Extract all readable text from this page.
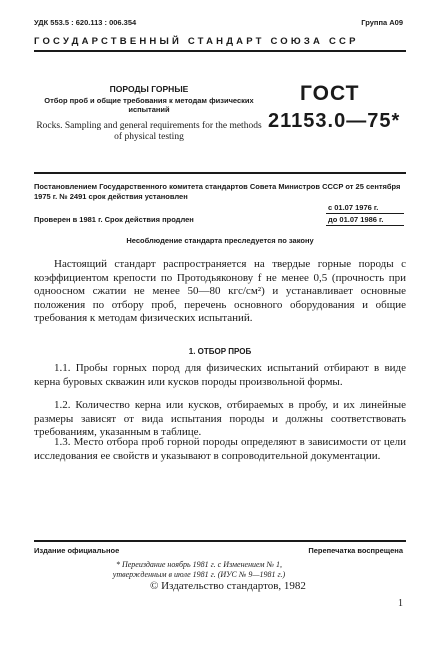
УДК 553.5 : 620.113 : 006.354	Группа А09
ГОСУДАРСТВЕННЫЙ СТАНДАРТ СОЮЗА ССР
ПОРОДЫ ГОРНЫЕ
Отбор проб и общие требования к методам физических испытаний
Rocks. Sampling and general requirements for the methods of physical testing
ГОСТ
21153.0—75*
Постановлением Государственного комитета стандартов Совета Министров СССР от 25 сентября 1975 г. № 2491 срок действия установлен
с 01.07 1976 г.
Проверен в 1981 г. Срок действия продлен	до 01.07 1986 г.
Несоблюдение стандарта преследуется по закону

Настоящий стандарт распространяется на твердые горные породы с коэффициентом крепости по Протодьяконову f не менее 0,5 (прочность при одноосном сжатии не менее 50—80 кгс/см²) и устанавливает основные положения по отбору проб, перечень основного оборудования и общие требования к методам физических испытаний.

1. ОТБОР ПРОБ

1.1. Пробы горных пород для физических испытаний отбирают в виде керна буровых скважин или кусков породы произвольной формы.

1.2. Количество керна или кусков, отбираемых в пробу, и их линейные размеры зависят от вида испытания породы и должны соответствовать требованиям, указанным в таблице.

1.3. Место отбора проб горной породы определяют в зависимости от цели исследования ее свойств и указывают в сопроводительной документации.

Издание официальное	Перепечатка воспрещена
* Переиздание ноябрь 1981 г. с Изменением № 1,
утвержденным в июле 1981 г. (ИУС № 9—1981 г.)
© Издательство стандартов, 1982
1
